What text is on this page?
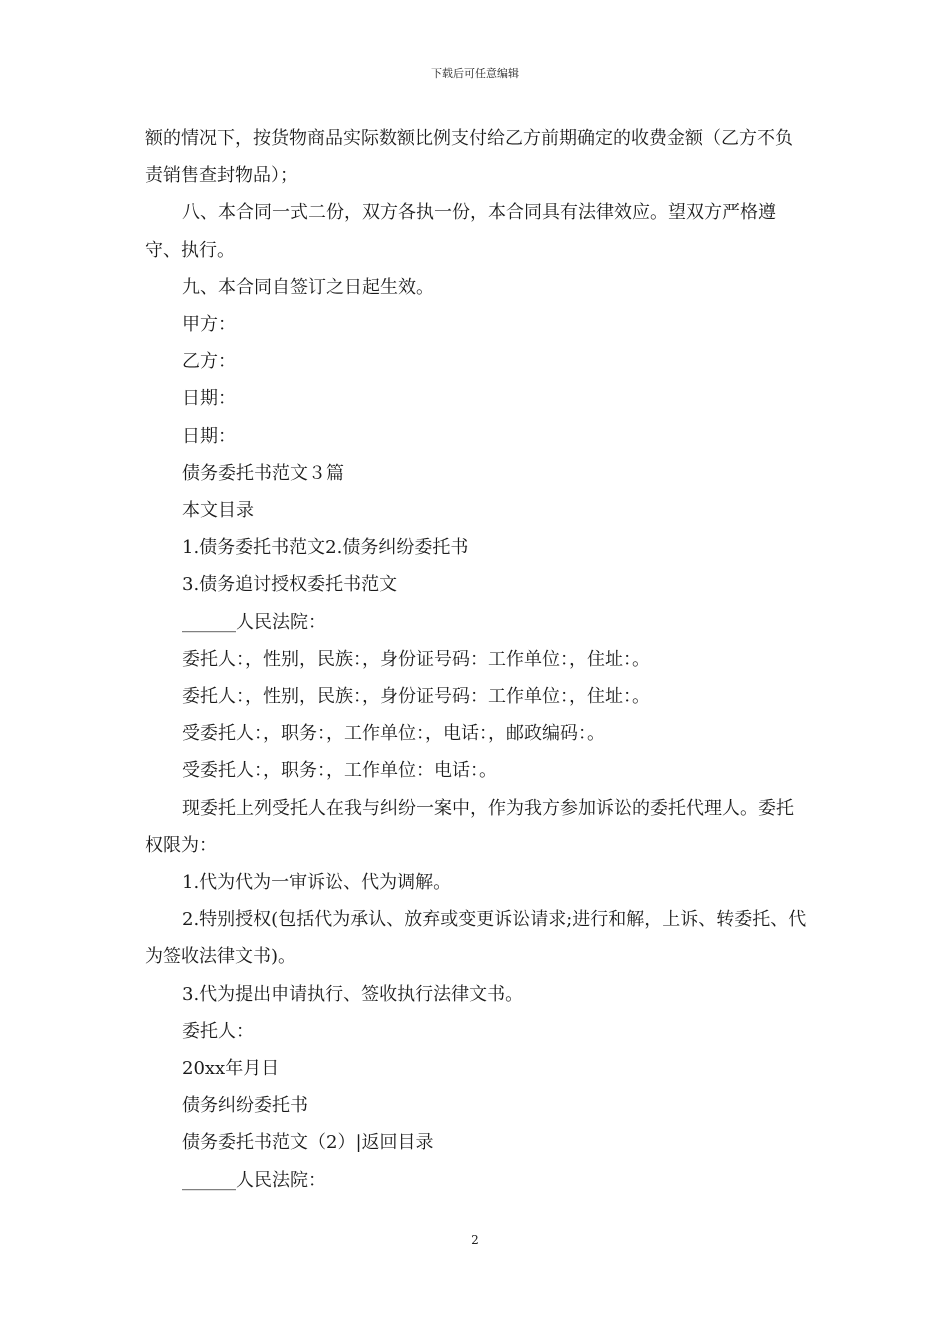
下载后可任意编辑

额的情况下，按货物商品实际数额比例支付给乙方前期确定的收费金额（乙方不负责销售查封物品）；

八、本合同一式二份，双方各执一份，本合同具有法律效应。望双方严格遵守、执行。

九、本合同自签订之日起生效。

甲方：

乙方：

日期：

日期：

债务委托书范文３篇

本文目录

1.债务委托书范文2.债务纠纷委托书

3.债务追讨授权委托书范文

______人民法院：

委托人：，性别，民族：，身份证号码：工作单位：，住址：。

委托人：，性别，民族：，身份证号码：工作单位：，住址：。

受委托人：，职务：，工作单位：，电话：，邮政编码：。

受委托人：，职务：，工作单位：电话：。

现委托上列受托人在我与纠纷一案中，作为我方参加诉讼的委托代理人。委托权限为：

1.代为代为一审诉讼、代为调解。

2.特别授权(包括代为承认、放弃或变更诉讼请求;进行和解，上诉、转委托、代为签收法律文书)。

3.代为提出申请执行、签收执行法律文书。

委托人：

20xx年月日

债务纠纷委托书

债务委托书范文（2）|返回目录

______人民法院：

2
